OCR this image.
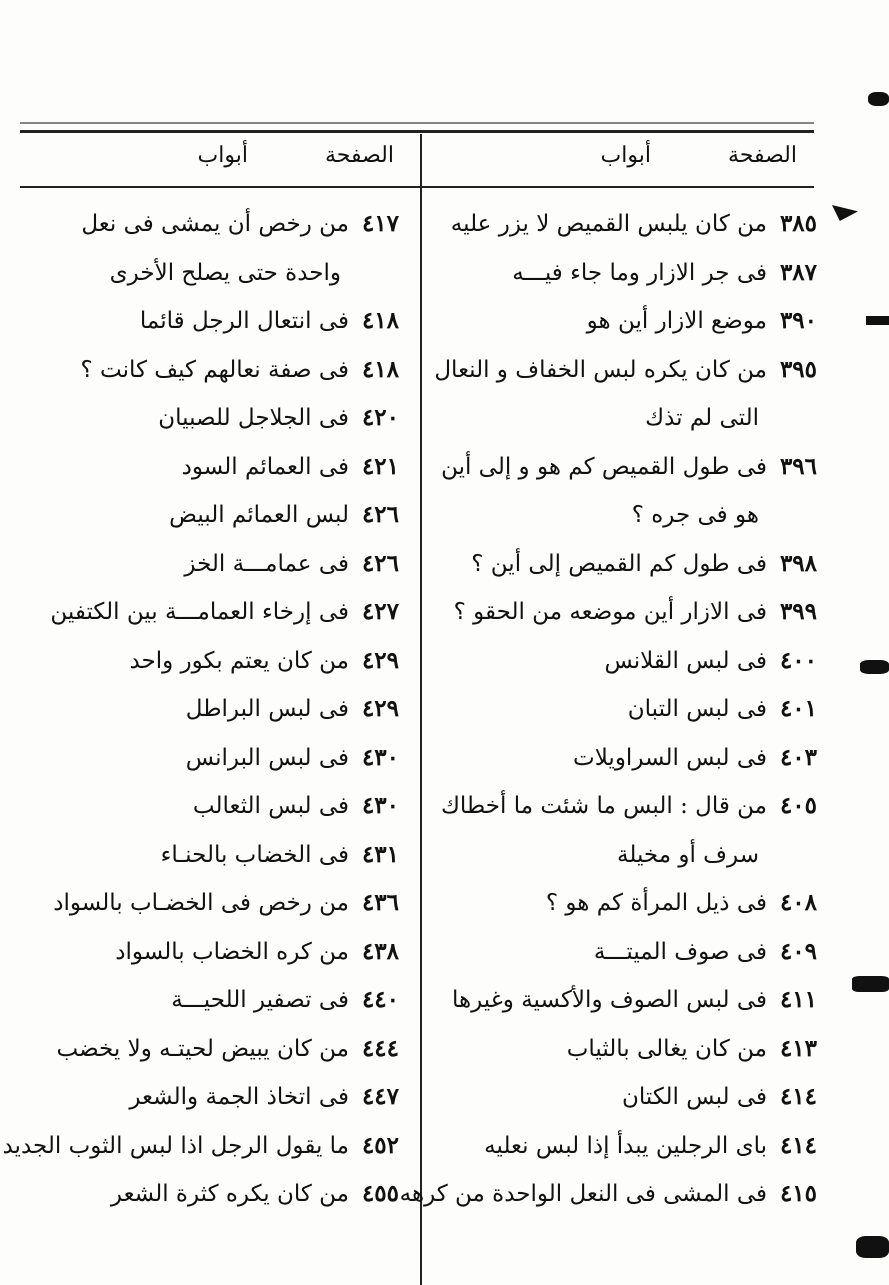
الصفحة أبواب
الصفحة أبواب
٣٨٥من كان يلبس القميص لا يزر عليه
٣٨٧فى جر الازار وما جاء فيـــه
٣٩٠موضع الازار أين هو
٣٩٥من كان يكره لبس الخفاف و النعال
التى لم تذك
٣٩٦فى طول القميص كم هو و إلى أين
هو فى جره ؟
٣٩٨فى طول كم القميص إلى أين ؟
٣٩٩فى الازار أين موضعه من الحقو ؟
٤٠٠فى لبس القلانس
٤٠١فى لبس التبان
٤٠٣فى لبس السراويلات
٤٠٥من قال : البس ما شئت ما أخطاك
سرف أو مخيلة
٤٠٨فى ذيل المرأة كم هو ؟
٤٠٩فى صوف الميتـــة
٤١١فى لبس الصوف والأكسية وغيرها
٤١٣من كان يغالى بالثياب
٤١٤فى لبس الكتان
٤١٤باى الرجلين يبدأ إذا لبس نعليه
٤١٥فى المشى فى النعل الواحدة من كرهه
٤١٧من رخص أن يمشى فى نعل
واحدة حتى يصلح الأخرى
٤١٨فى انتعال الرجل قائما
٤١٨فى صفة نعالهم كيف كانت ؟
٤٢٠فى الجلاجل للصبيان
٤٢١فى العمائم السود
٤٢٦لبس العمائم البيض
٤٢٦فى عمامـــة الخز
٤٢٧فى إرخاء العمامـــة بين الكتفين
٤٢٩من كان يعتم بكور واحد
٤٢٩فى لبس البراطل
٤٣٠فى لبس البرانس
٤٣٠فى لبس الثعالب
٤٣١فى الخضاب بالحنـاء
٤٣٦من رخص فى الخضـاب بالسواد
٤٣٨من كره الخضاب بالسواد
٤٤٠فى تصفير اللحيـــة
٤٤٤من كان يبيض لحيتـه ولا يخضب
٤٤٧فى اتخاذ الجمة والشعر
٤٥٢ما يقول الرجل اذا لبس الثوب الجديد
٤٥٥من كان يكره كثرة الشعر
